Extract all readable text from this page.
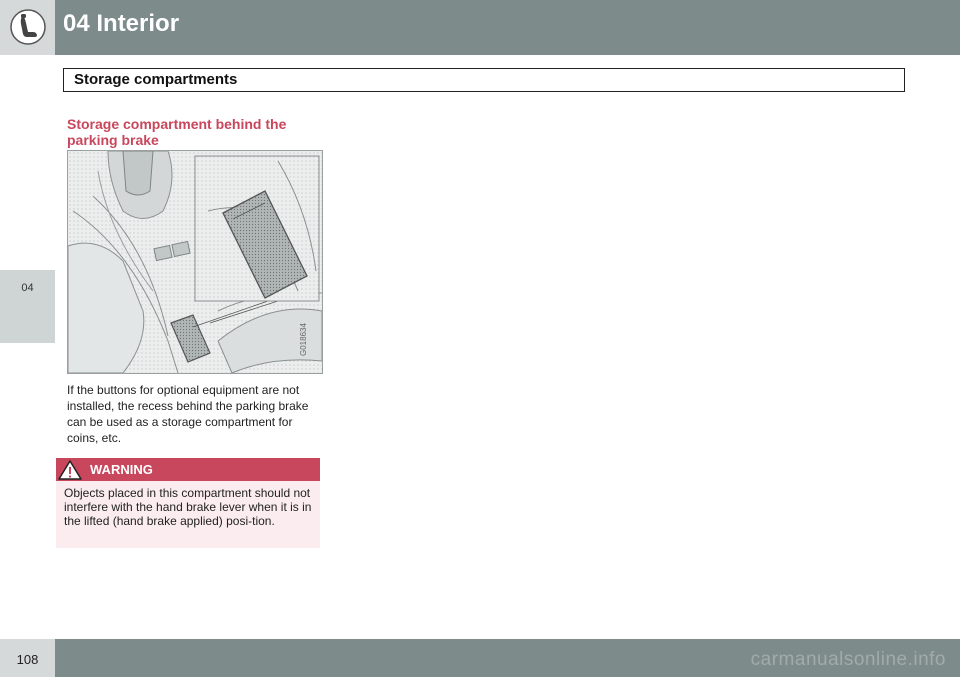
04 Interior
04
Storage compartments
Storage compartment behind the parking brake
G018634
If the buttons for optional equipment are not installed, the recess behind the parking brake can be used as a storage compartment for coins, etc.
WARNING
Objects placed in this compartment should not interfere with the hand brake lever when it is in the lifted (hand brake applied) posi-tion.
108	carmanualsonline.info
